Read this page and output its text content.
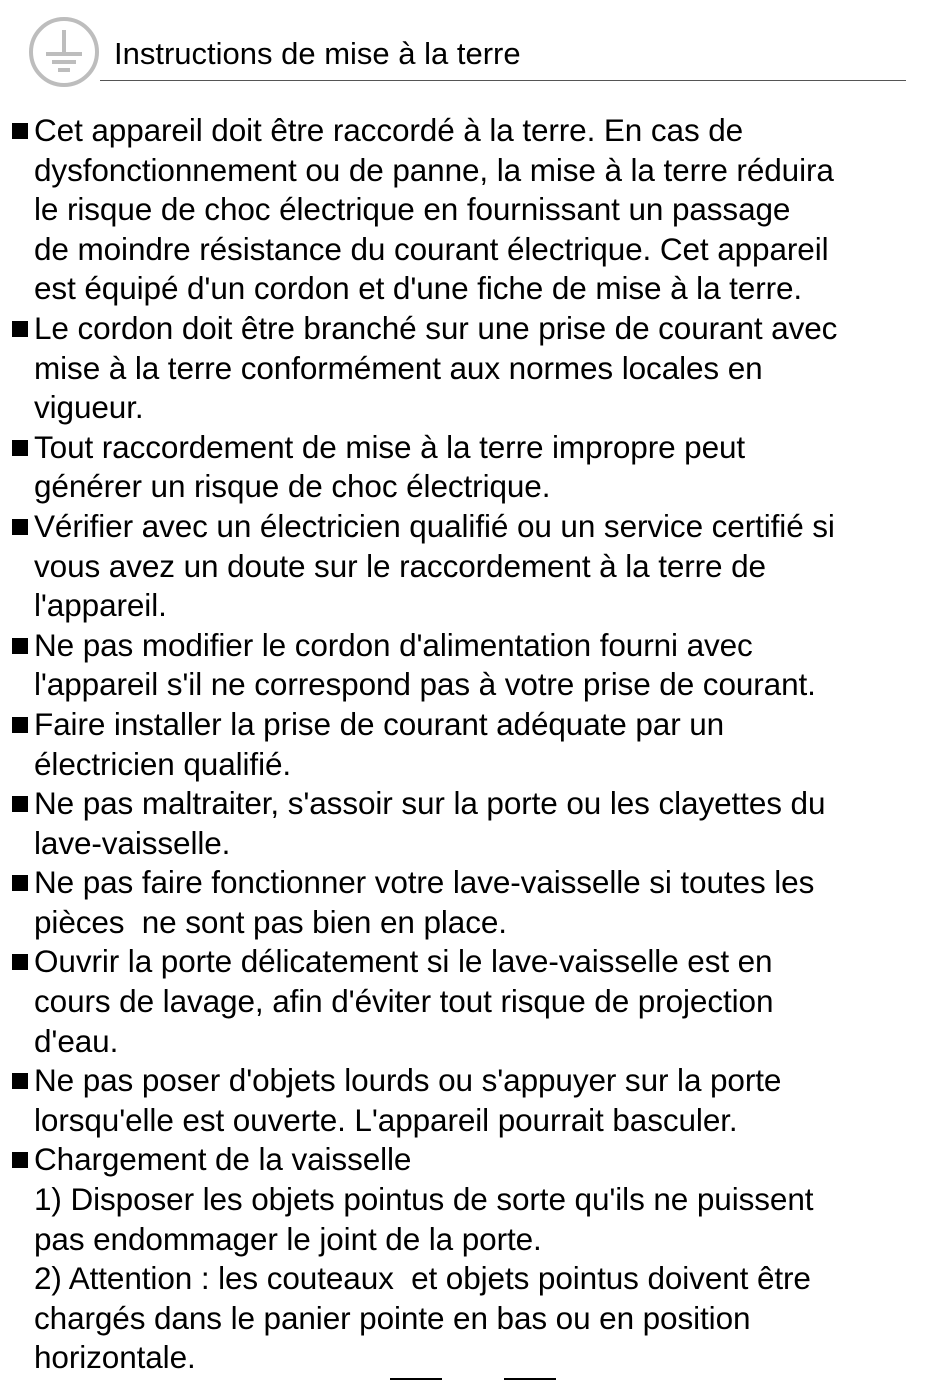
Instructions de mise à la terre
Cet appareil doit être raccordé à la terre. En cas de
dysfonctionnement ou de panne, la mise à la terre réduira
le risque de choc électrique en fournissant un passage
de moindre résistance du courant électrique. Cet appareil
est équipé d'un cordon et d'une fiche de mise à la terre.
Le cordon doit être branché sur une prise de courant avec
mise à la terre conformément aux normes locales en
vigueur.
Tout raccordement de mise à la terre impropre peut
générer un risque de choc électrique.
Vérifier avec un électricien qualifié ou un service certifié si
vous avez un doute sur le raccordement à la terre de
l'appareil.
Ne pas modifier le cordon d'alimentation fourni avec
l'appareil s'il ne correspond pas à votre prise de courant.
Faire installer la prise de courant adéquate par un
électricien qualifié.
Ne pas maltraiter, s'assoir sur la porte ou les clayettes du
lave-vaisselle.
Ne pas faire fonctionner votre lave-vaisselle si toutes les
pièces  ne sont pas bien en place.
Ouvrir la porte délicatement si le lave-vaisselle est en
cours de lavage, afin d'éviter tout risque de projection
d'eau.
Ne pas poser d'objets lourds ou s'appuyer sur la porte
lorsqu'elle est ouverte. L'appareil pourrait basculer.
Chargement de la vaisselle
1) Disposer les objets pointus de sorte qu'ils ne puissent
pas endommager le joint de la porte.
2) Attention : les couteaux  et objets pointus doivent être
chargés dans le panier pointe en bas ou en position
horizontale.
